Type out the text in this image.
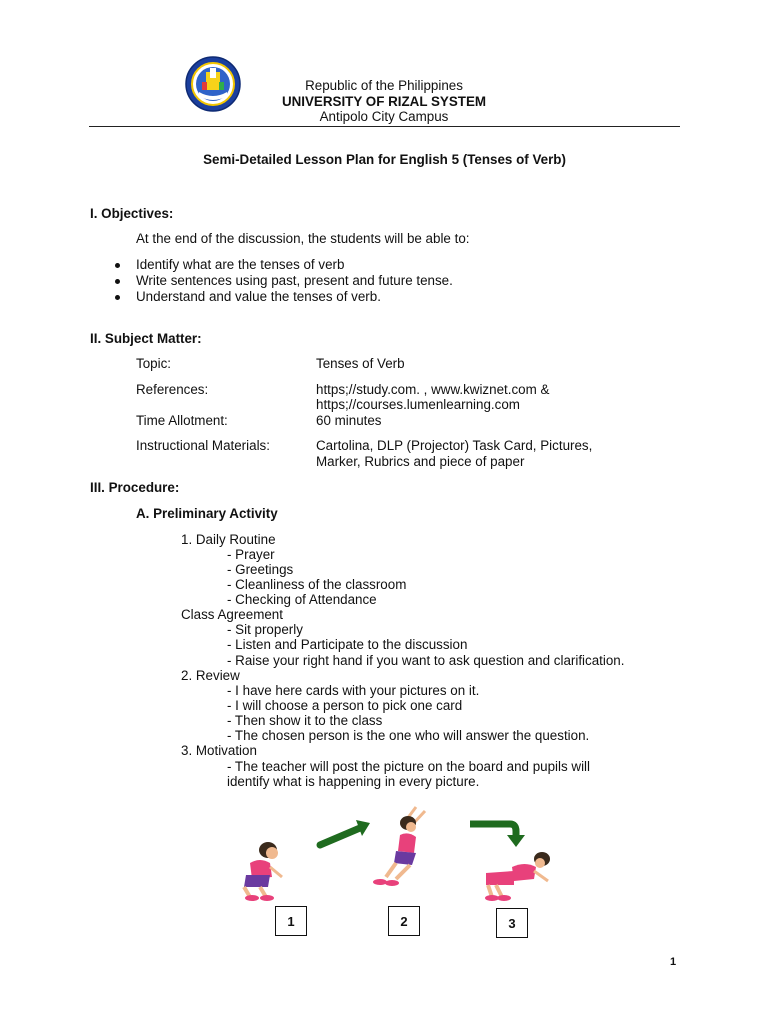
Republic of the Philippines
UNIVERSITY OF RIZAL SYSTEM
Antipolo City Campus
Semi-Detailed Lesson Plan for English 5 (Tenses of Verb)
I. Objectives:
At the end of the discussion, the students will be able to:
Identify what are the tenses of verb
Write sentences using past, present and future tense.
Understand and value the tenses of verb.
II. Subject Matter:
Topic:	Tenses of Verb
References:	https;//study.com. , www.kwiznet.com &
https;//courses.lumenlearning.com
Time Allotment:	60 minutes
Instructional Materials:	Cartolina, DLP (Projector) Task Card, Pictures,
Marker, Rubrics and piece of paper
III. Procedure:
A. Preliminary Activity
1. Daily Routine
- Prayer
- Greetings
- Cleanliness of the classroom
- Checking of Attendance
Class Agreement
- Sit properly
- Listen and Participate to the discussion
- Raise your right hand if you want to ask question and clarification.
2. Review
- I have here cards with your pictures on it.
- I will choose a person to pick one card
- Then show it to the class
- The chosen person is the one who will answer the question.
3. Motivation
- The teacher will post the picture on the board and pupils will
identify what is happening in every picture.
1	2	3
1
